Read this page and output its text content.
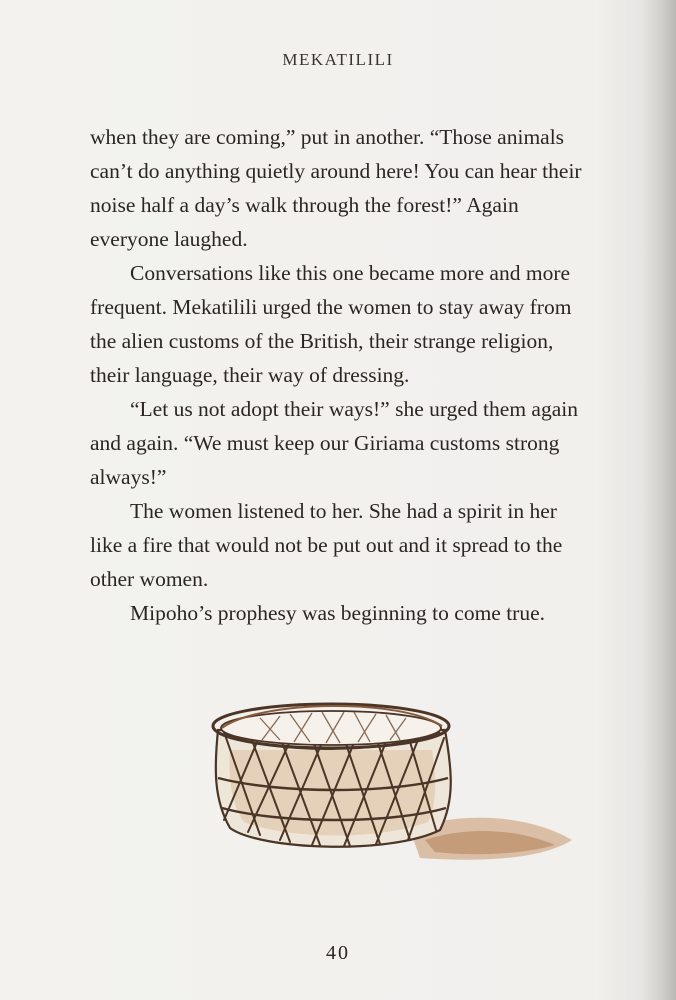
MEKATILILI

when they are coming,” put in another. “Those animals can’t do anything quietly around here! You can hear their noise half a day’s walk through the forest!” Again everyone laughed.

Conversations like this one became more and more frequent. Mekatilili urged the women to stay away from the alien customs of the British, their strange religion, their language, their way of dressing.

“Let us not adopt their ways!” she urged them again and again. “We must keep our Giriama customs strong always!”

The women listened to her. She had a spirit in her like a fire that would not be put out and it spread to the other women.

Mipoho’s prophesy was beginning to come true.

40
